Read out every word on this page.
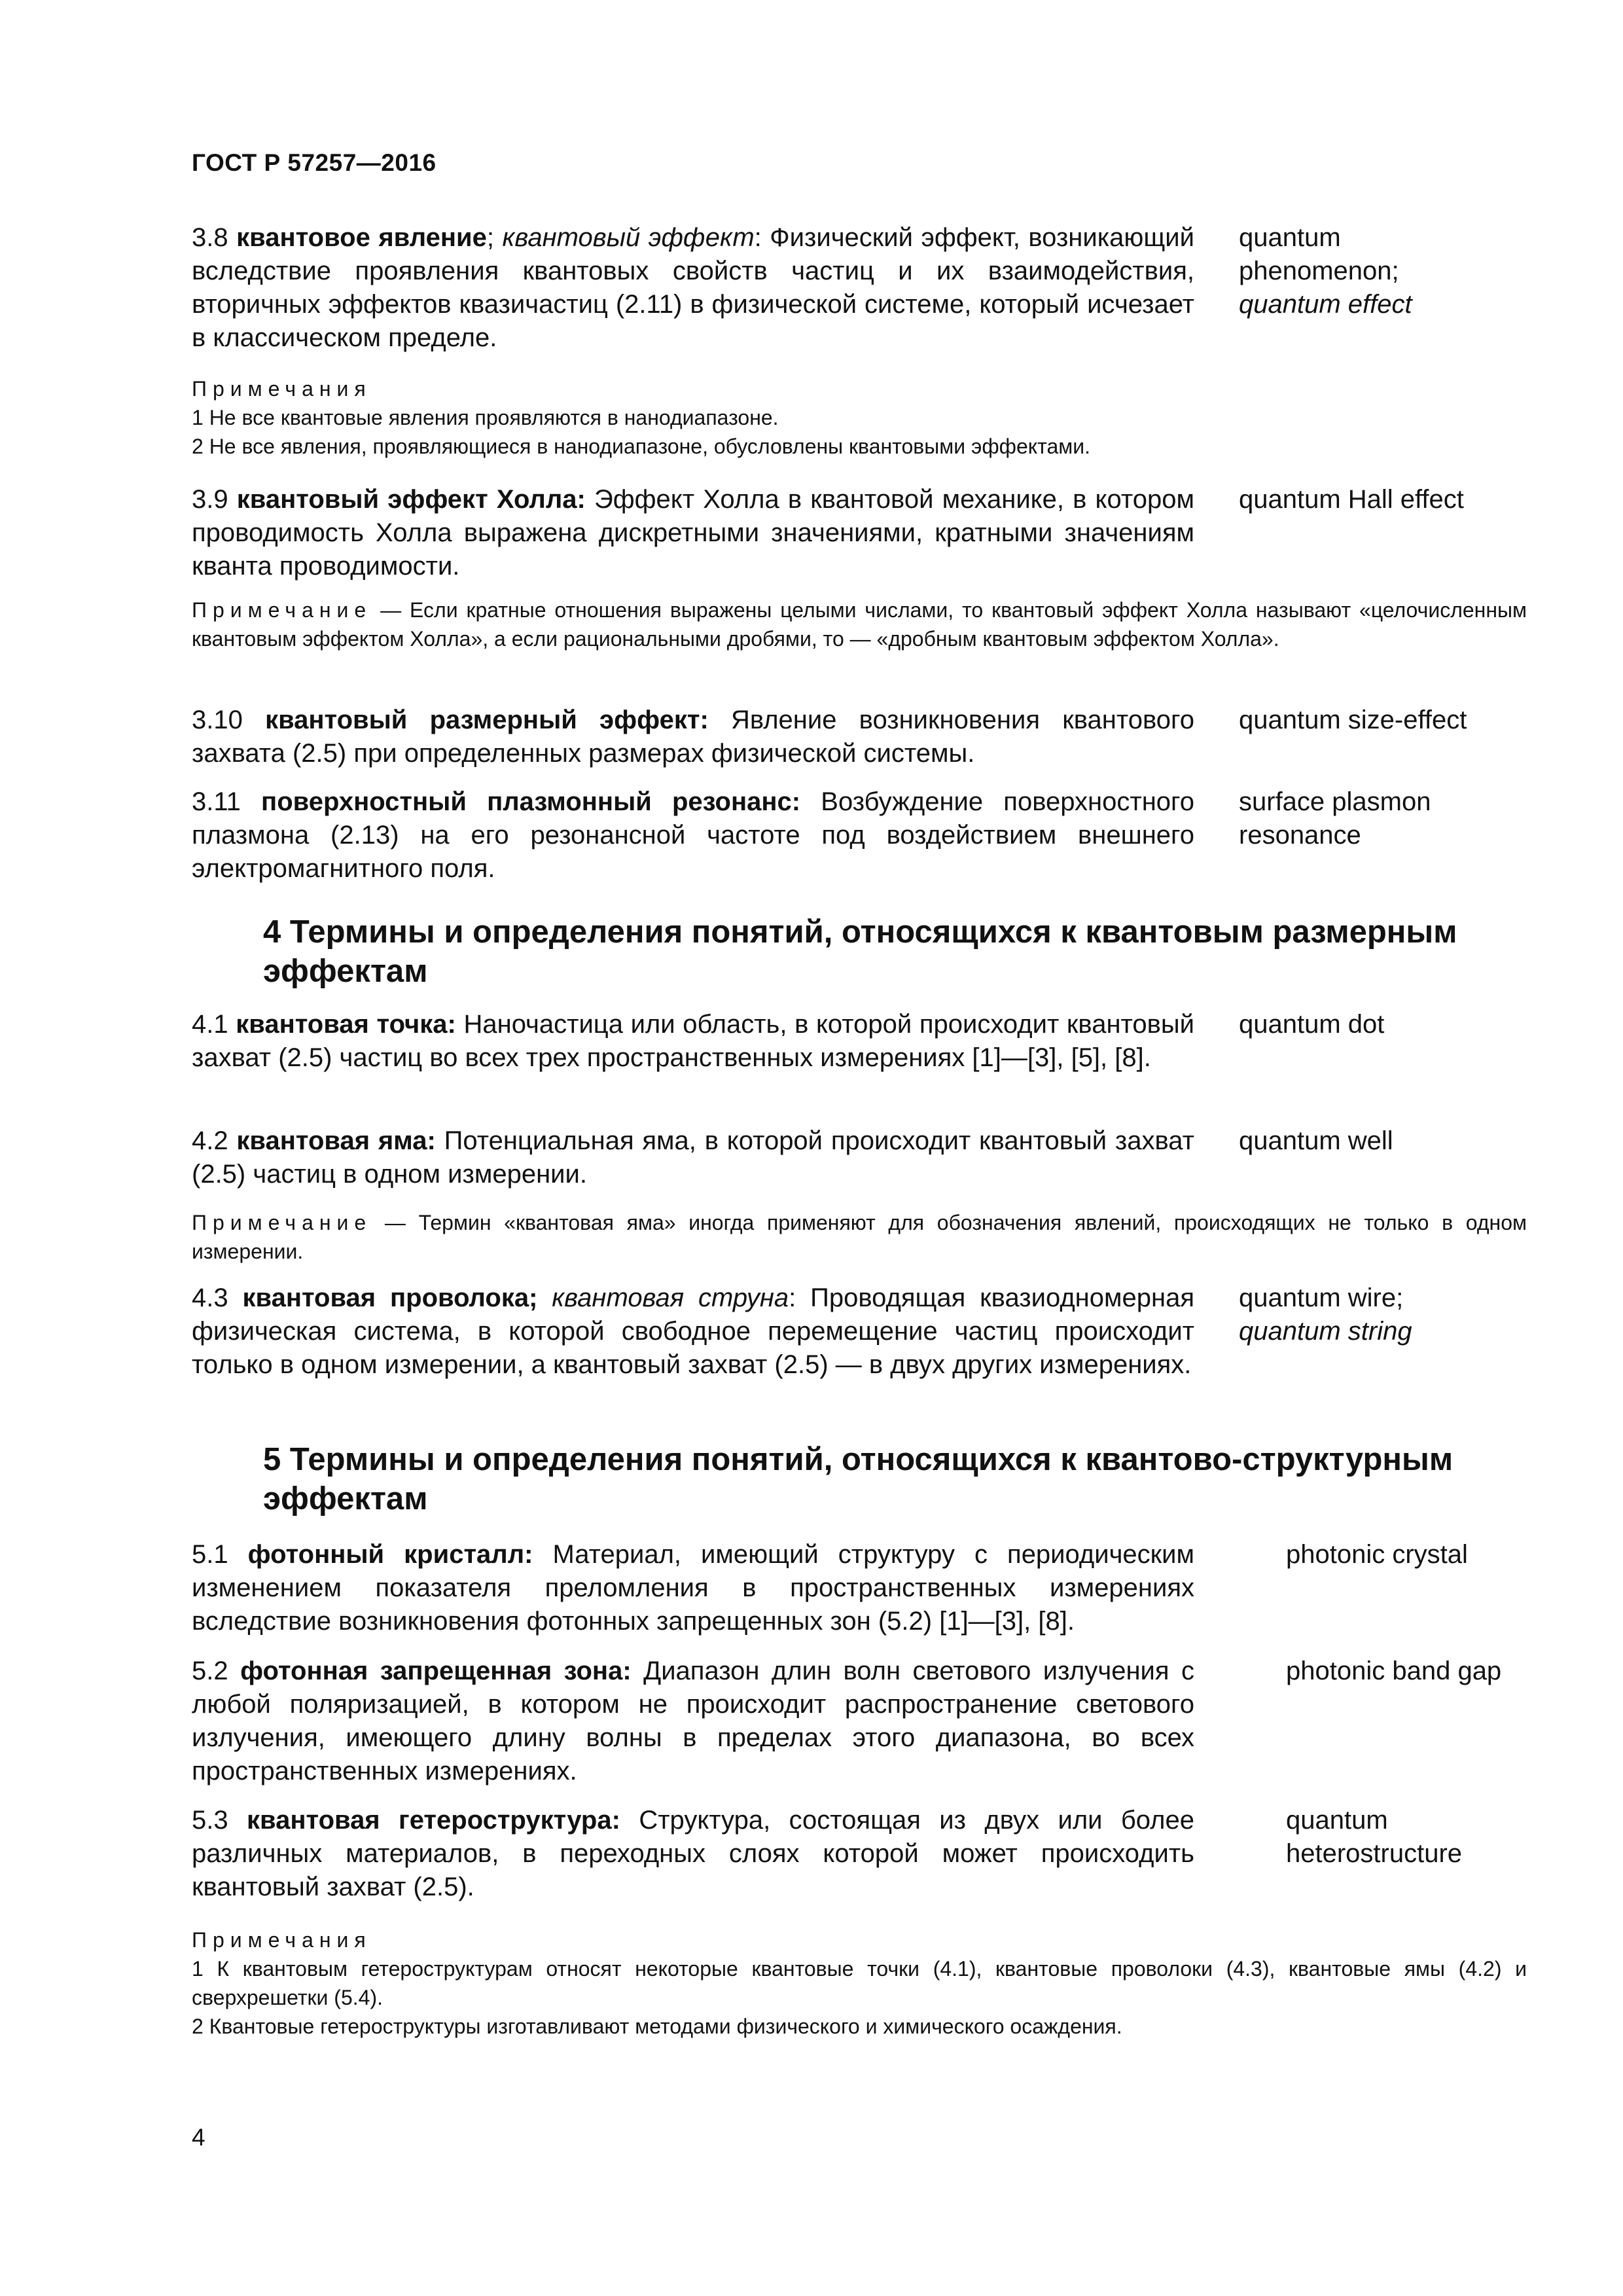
ГОСТ Р 57257—2016
3.8 квантовое явление; квантовый эффект: Физический эффект, возникающий вследствие проявления квантовых свойств частиц и их взаимодействия, вторичных эффектов квазичастиц (2.11) в физической системе, который исчезает в классическом пределе.
quantum
phenomenon;
quantum effect

Примечания

1 Не все квантовые явления проявляются в нанодиапазоне.

2 Не все явления, проявляющиеся в нанодиапазоне, обусловлены квантовыми эффектами.

3.9 квантовый эффект Холла: Эффект Холла в квантовой механике, в котором проводимость Холла выражена дискретными значениями, кратными значениям кванта проводимости.
quantum Hall effect

Примечание — Если кратные отношения выражены целыми числами, то квантовый эффект Холла называют «целочисленным квантовым эффектом Холла», а если рациональными дробями, то — «дробным квантовым эффектом Холла».

3.10 квантовый размерный эффект: Явление возникновения квантового захвата (2.5) при определенных размерах физической системы.
quantum size-effect
3.11 поверхностный плазмонный резонанс: Возбуждение поверхностного плазмона (2.13) на его резонансной частоте под воздействием внешнего электромагнитного поля.
surface plasmon
resonance
4 Термины и определения понятий, относящихся к квантовым размерным эффектам
4.1 квантовая точка: Наночастица или область, в которой происходит квантовый захват (2.5) частиц во всех трех пространственных измерениях [1]—[3], [5], [8].
quantum dot
4.2 квантовая яма: Потенциальная яма, в которой происходит квантовый захват (2.5) частиц в одном измерении.
quantum well

Примечание — Термин «квантовая яма» иногда применяют для обозначения явлений, происходящих не только в одном измерении.

4.3 квантовая проволока; квантовая струна: Проводящая квазиодномерная физическая система, в которой свободное перемещение частиц происходит только в одном измерении, а квантовый захват (2.5) — в двух других измерениях.
quantum wire;
quantum string
5 Термины и определения понятий, относящихся к квантово-структурным эффектам
5.1 фотонный кристалл: Материал, имеющий структуру с периодическим изменением показателя преломления в пространственных измерениях вследствие возникновения фотонных запрещенных зон (5.2) [1]—[3], [8].
photonic crystal
5.2 фотонная запрещенная зона: Диапазон длин волн светового излучения с любой поляризацией, в котором не происходит распространение светового излучения, имеющего длину волны в пределах этого диапазона, во всех пространственных измерениях.
photonic band gap
5.3 квантовая гетероструктура: Структура, состоящая из двух или более различных материалов, в переходных слоях которой может происходить квантовый захват (2.5).
quantum
heterostructure

Примечания

1 К квантовым гетероструктурам относят некоторые квантовые точки (4.1), квантовые проволоки (4.3), квантовые ямы (4.2) и сверхрешетки (5.4).

2 Квантовые гетероструктуры изготавливают методами физического и химического осаждения.

4
